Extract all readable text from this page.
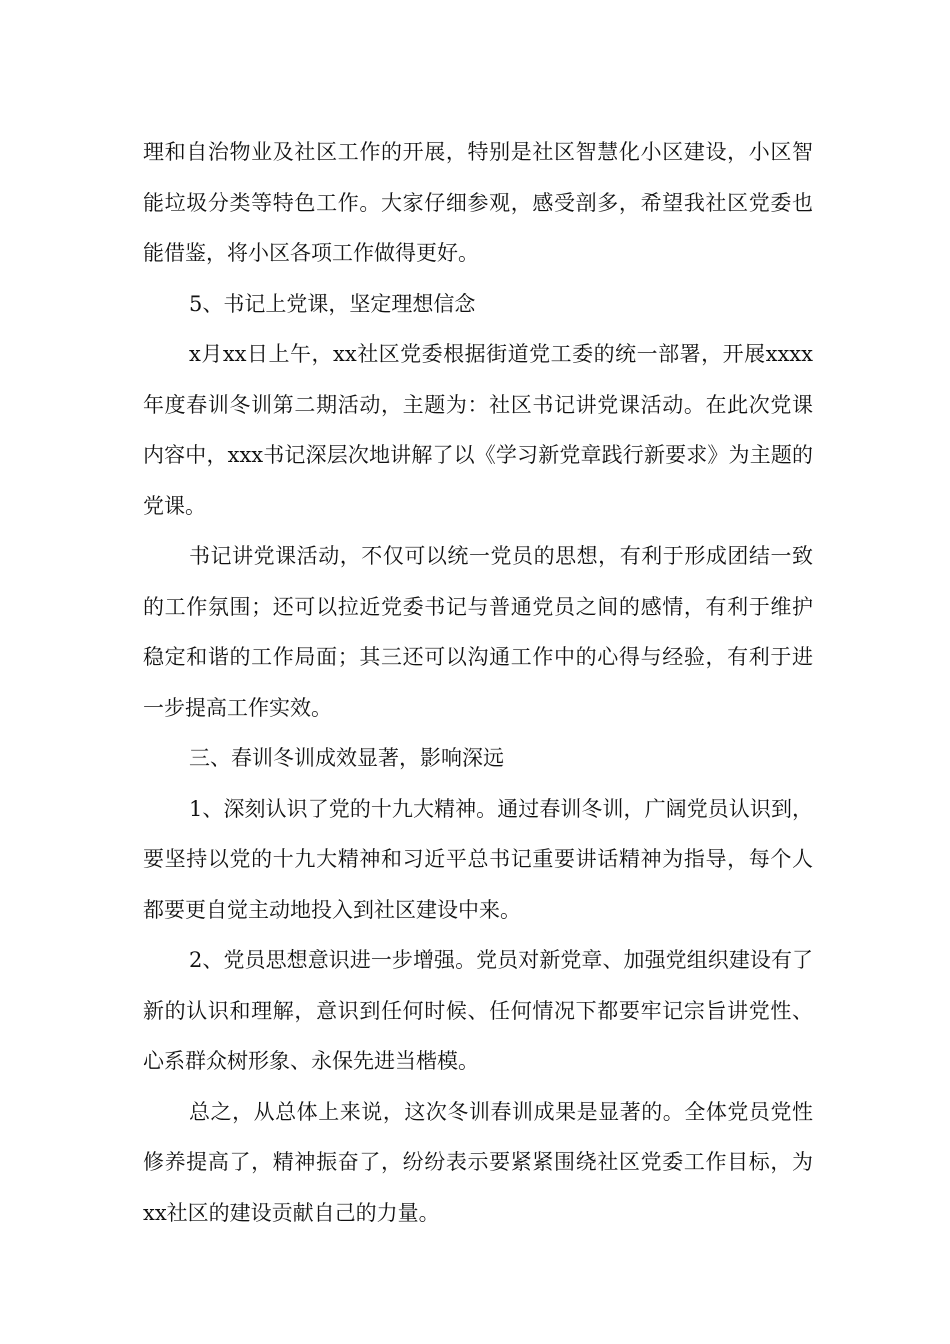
理和自治物业及社区工作的开展，特别是社区智慧化小区建设，小区智能垃圾分类等特色工作。大家仔细参观，感受剖多，希望我社区党委也能借鉴，将小区各项工作做得更好。

5、书记上党课，坚定理想信念

x月xx日上午，xx社区党委根据街道党工委的统一部署，开展xxxx年度春训冬训第二期活动，主题为：社区书记讲党课活动。在此次党课内容中，xxx书记深层次地讲解了以《学习新党章践行新要求》为主题的党课。

书记讲党课活动，不仅可以统一党员的思想，有利于形成团结一致的工作氛围；还可以拉近党委书记与普通党员之间的感情，有利于维护稳定和谐的工作局面；其三还可以沟通工作中的心得与经验，有利于进一步提高工作实效。

三、春训冬训成效显著，影响深远

1、深刻认识了党的十九大精神。通过春训冬训，广阔党员认识到，要坚持以党的十九大精神和习近平总书记重要讲话精神为指导，每个人都要更自觉主动地投入到社区建设中来。

2、党员思想意识进一步增强。党员对新党章、加强党组织建设有了新的认识和理解，意识到任何时候、任何情况下都要牢记宗旨讲党性、心系群众树形象、永保先进当楷模。

总之，从总体上来说，这次冬训春训成果是显著的。全体党员党性修养提高了，精神振奋了，纷纷表示要紧紧围绕社区党委工作目标，为xx社区的建设贡献自己的力量。
